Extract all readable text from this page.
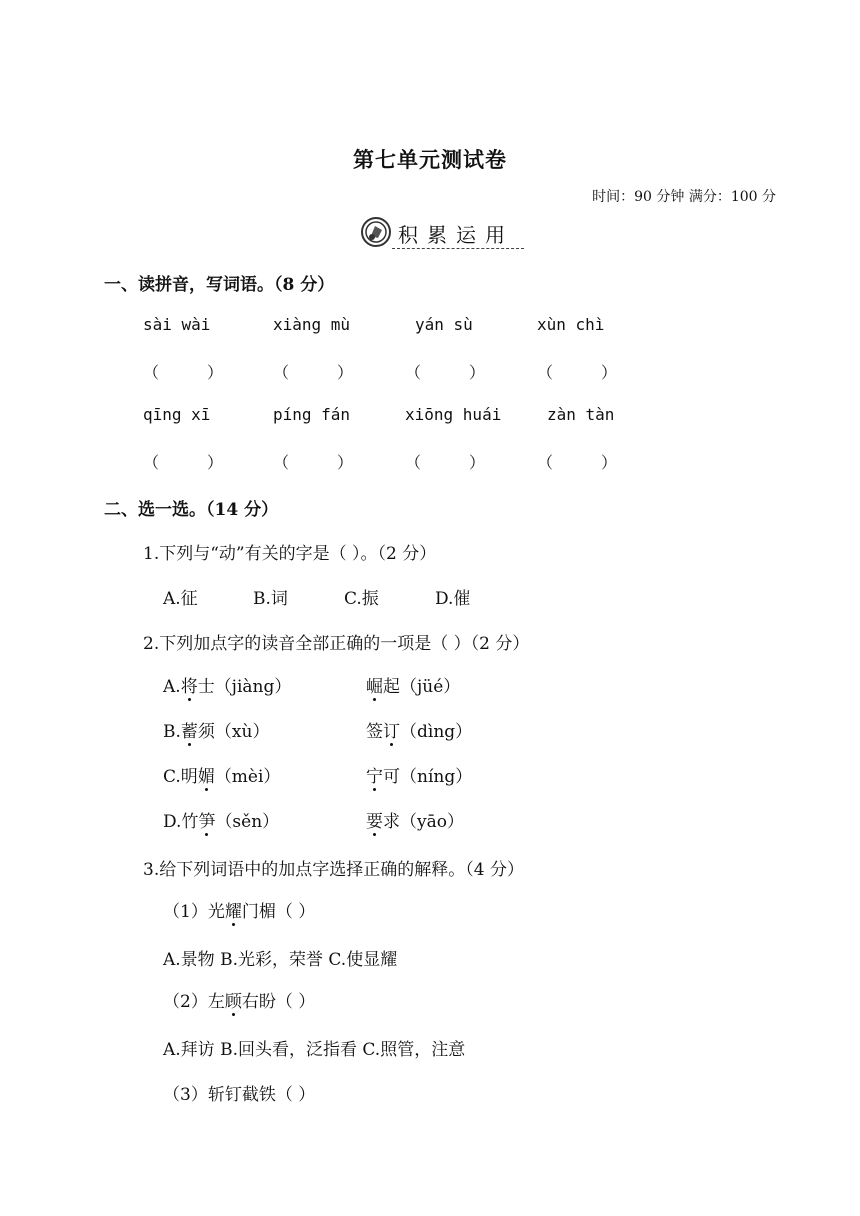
第七单元测试卷
时间：90 分钟 满分：100 分
积累运用
一、读拼音，写词语。（8 分）
sài wài	xiàng mù	yán sù	xùn chì
（	）	（	）	（	）	（	）
qīng xī	píng fán	xiōng huái	zàn tàn
（	）	（	）	（	）	（	）
二、选一选。（14 分）
1.下列与“动”有关的字是（ ）。（2 分）
A.征	B.词	C.振	D.催
2.下列加点字的读音全部正确的一项是（ ）（2 分）
A.将士（jiàng）	崛起（jüé）
B.蓄须（xù）	签订（dìng）
C.明媚（mèi）	宁可（níng）
D.竹笋（sěn）	要求（yāo）
3.给下列词语中的加点字选择正确的解释。（4 分）
（1）光耀门楣（ ）
A.景物 B.光彩，荣誉 C.使显耀
（2）左顾右盼（ ）
A.拜访 B.回头看，泛指看 C.照管，注意
（3）斩钉截铁（ ）
